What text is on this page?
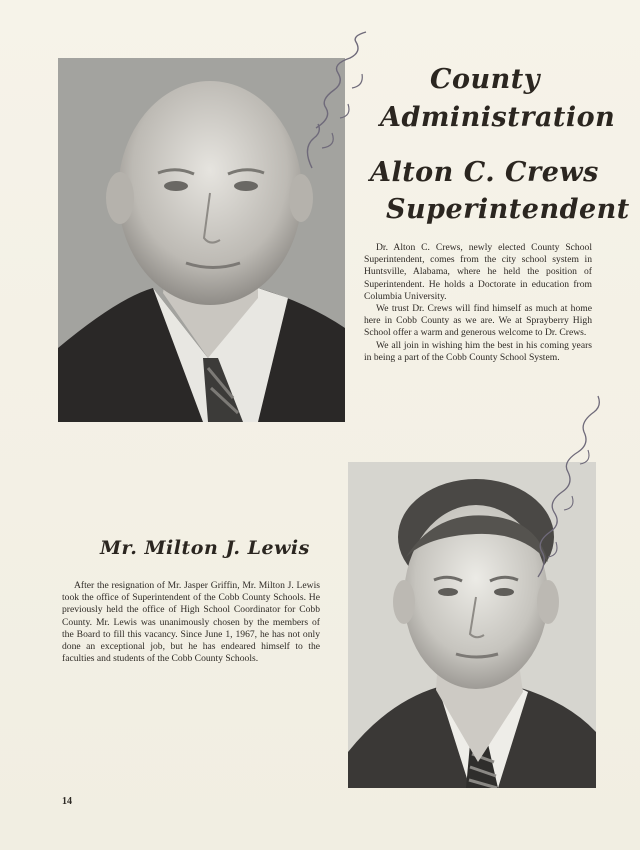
County
Administration
Alton C. Crews
Superintendent

Dr. Alton C. Crews, newly elected County School Superintendent, comes from the city school system in Huntsville, Alabama, where he held the position of Superintendent. He holds a Doctorate in education from Columbia University.

We trust Dr. Crews will find himself as much at home here in Cobb County as we are. We at Sprayberry High School offer a warm and generous welcome to Dr. Crews.

We all join in wishing him the best in his coming years in being a part of the Cobb County School System.

Mr. Milton J. Lewis

After the resignation of Mr. Jasper Griffin, Mr. Milton J. Lewis took the office of Superintendent of the Cobb County Schools. He previously held the office of High School Coordinator for Cobb County. Mr. Lewis was unanimously chosen by the members of the Board to fill this vacancy. Since June 1, 1967, he has not only done an exceptional job, but he has endeared himself to the faculties and students of the Cobb County Schools.

14
